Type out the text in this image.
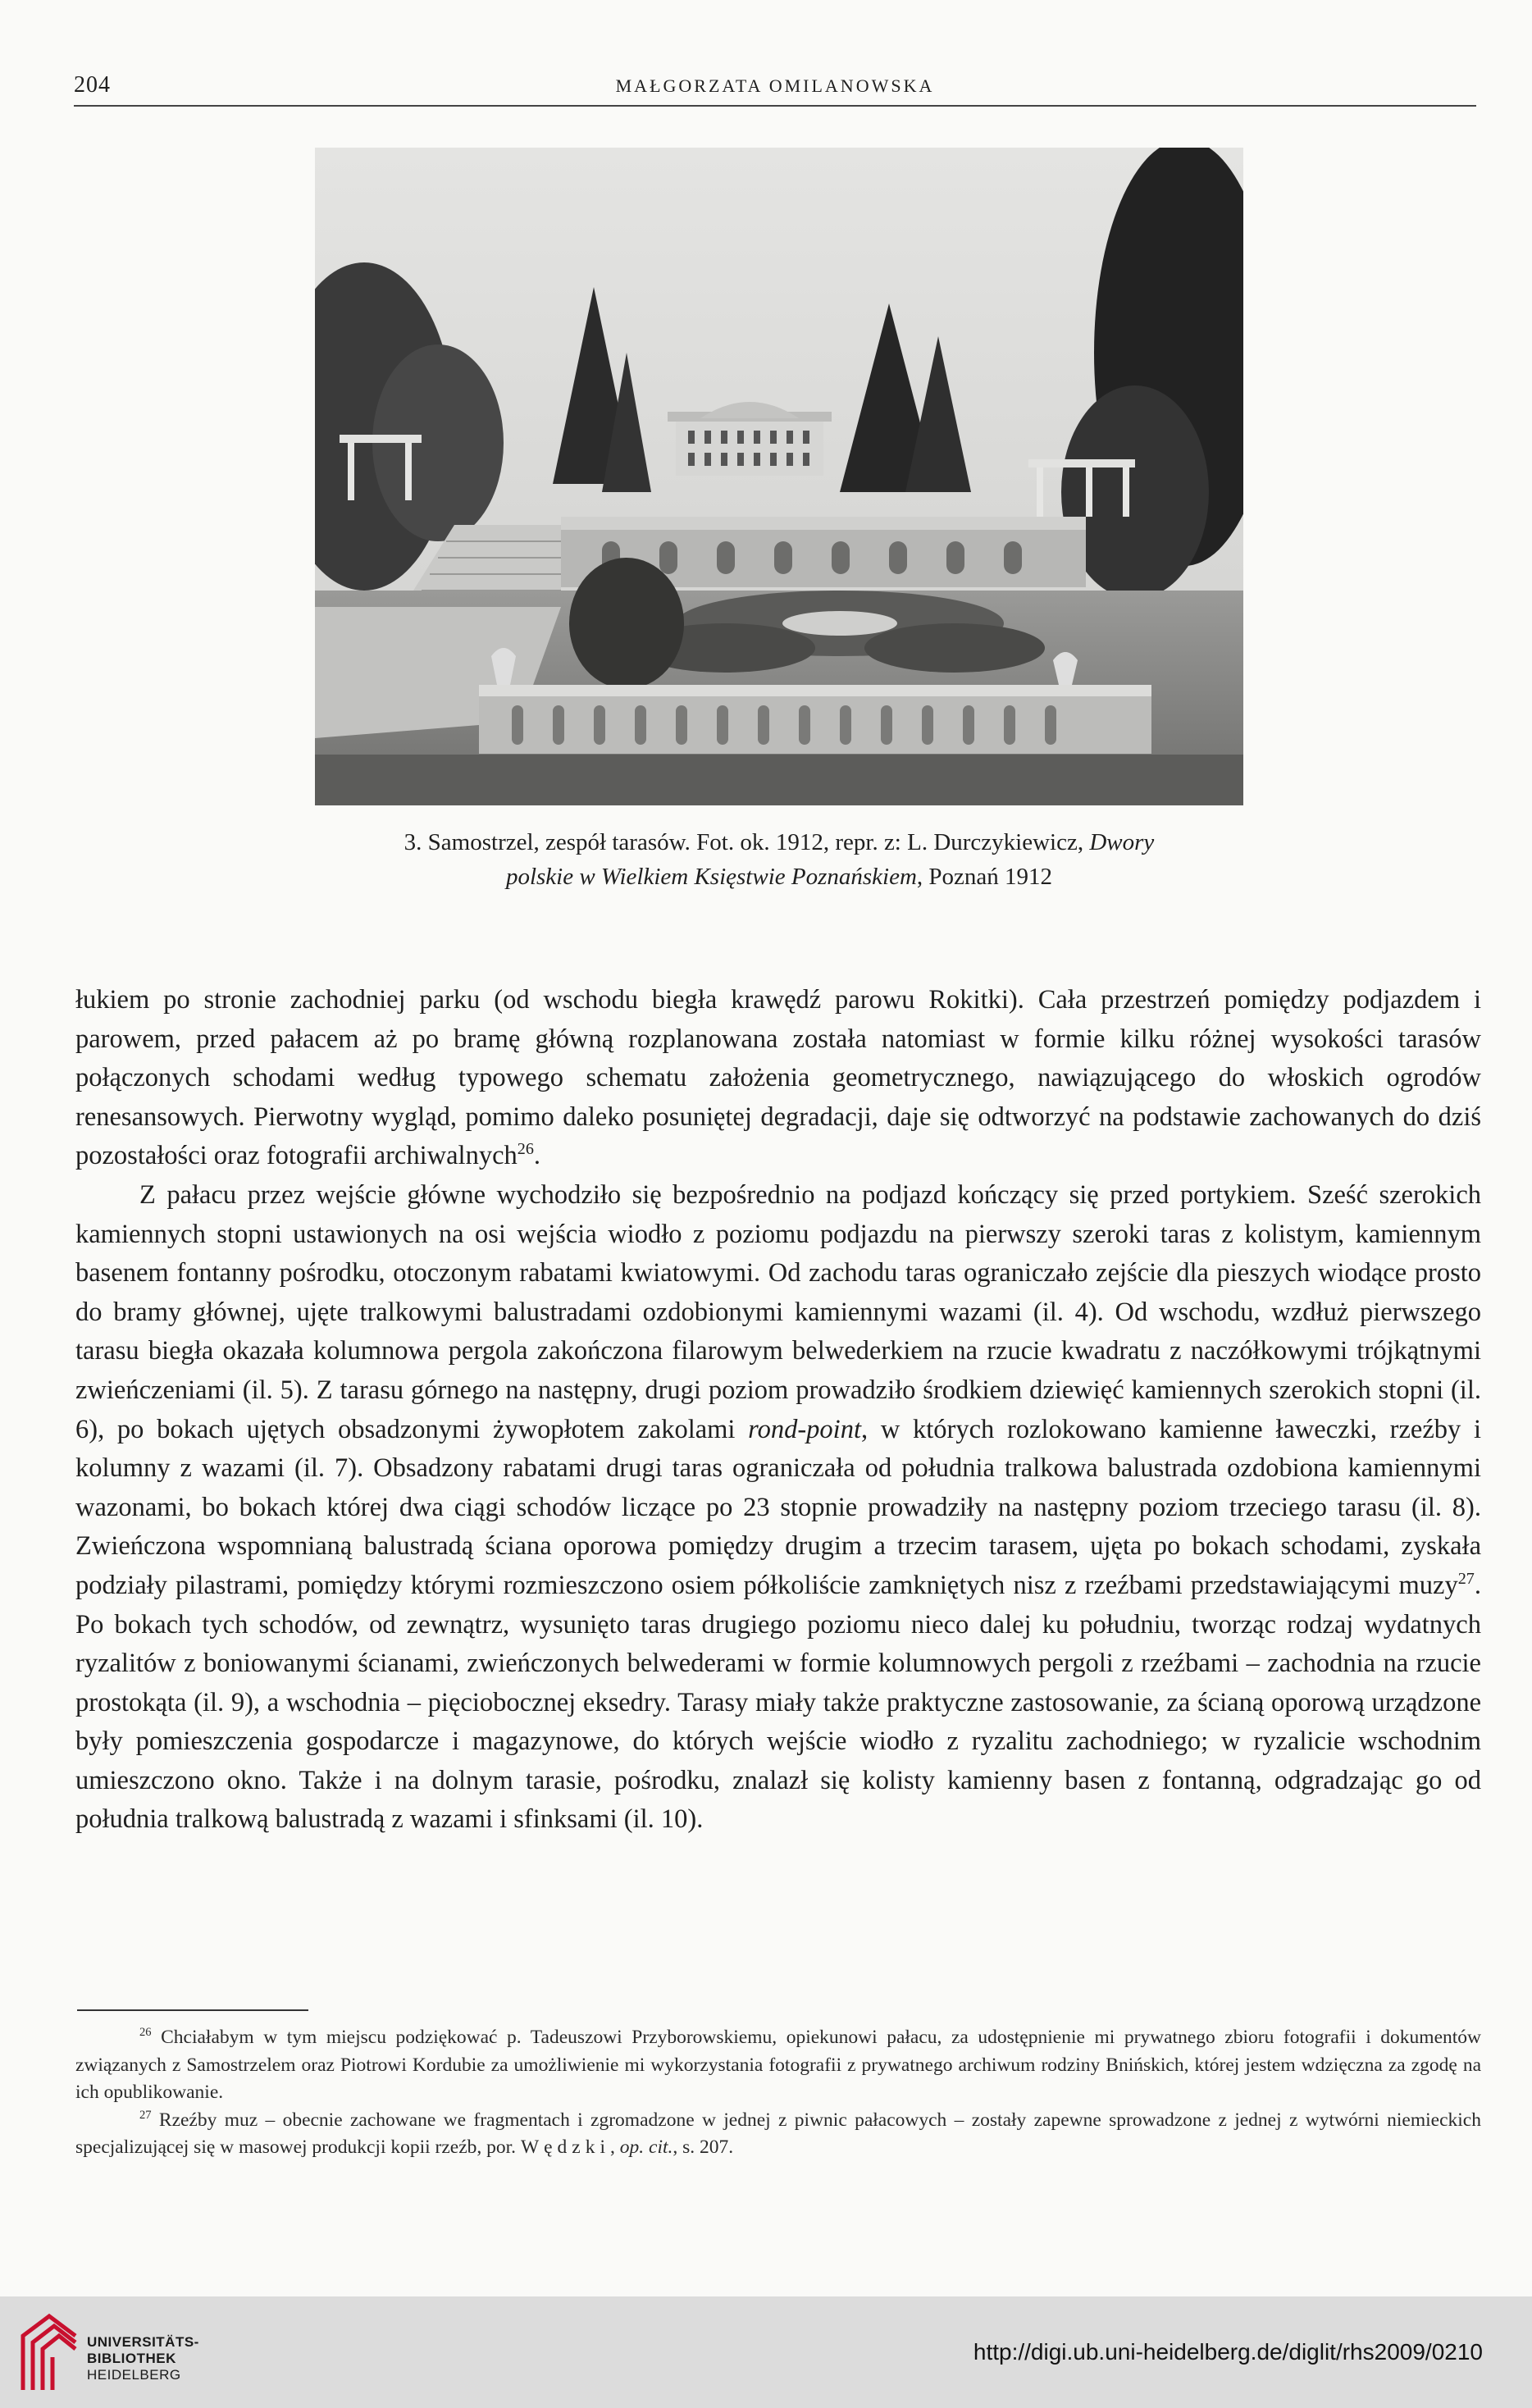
204	MAŁGORZATA OMILANOWSKA
3. Samostrzel, zespół tarasów. Fot. ok. 1912, repr. z: L. Durczykiewicz, Dwory
polskie w Wielkiem Księstwie Poznańskiem, Poznań 1912

łukiem po stronie zachodniej parku (od wschodu biegła krawędź parowu Rokitki). Cała przestrzeń pomiędzy podjazdem i parowem, przed pałacem aż po bramę główną rozplanowana została natomiast w formie kilku różnej wysokości tarasów połączonych schodami według typowego schematu założenia geometrycznego, nawiązującego do włoskich ogrodów renesansowych. Pierwotny wygląd, pomimo daleko posuniętej degradacji, daje się odtworzyć na podstawie zachowanych do dziś pozostałości oraz fotografii archiwalnych$^{26}$.

Z pałacu przez wejście główne wychodziło się bezpośrednio na podjazd kończący się przed portykiem. Sześć szerokich kamiennych stopni ustawionych na osi wejścia wiodło z poziomu podjazdu na pierwszy szeroki taras z kolistym, kamiennym basenem fontanny pośrodku, otoczonym rabatami kwiatowymi. Od zachodu taras ograniczało zejście dla pieszych wiodące prosto do bramy głównej, ujęte tralkowymi balustradami ozdobionymi kamiennymi wazami (il. 4). Od wschodu, wzdłuż pierwszego tarasu biegła okazała kolumnowa pergola zakończona filarowym belwederkiem na rzucie kwadratu z naczółkowymi trójkątnymi zwieńczeniami (il. 5). Z tarasu górnego na następny, drugi poziom prowadziło środkiem dziewięć kamiennych szerokich stopni (il. 6), po bokach ujętych obsadzonymi żywopłotem zakolami rond-point, w których rozlokowano kamienne ławeczki, rzeźby i kolumny z wazami (il. 7). Obsadzony rabatami drugi taras ograniczała od południa tralkowa balustrada ozdobiona kamiennymi wazonami, bo bokach której dwa ciągi schodów liczące po 23 stopnie prowadziły na następny poziom trzeciego tarasu (il. 8). Zwieńczona wspomnianą balustradą ściana oporowa pomiędzy drugim a trzecim tarasem, ujęta po bokach schodami, zyskała podziały pilastrami, pomiędzy którymi rozmieszczono osiem półkoliście zamkniętych nisz z rzeźbami przedstawiającymi muzy$^{27}$. Po bokach tych schodów, od zewnątrz, wysunięto taras drugiego poziomu nieco dalej ku południu, tworząc rodzaj wydatnych ryzalitów z boniowanymi ścianami, zwieńczonych belwederami w formie kolumnowych pergoli z rzeźbami – zachodnia na rzucie prostokąta (il. 9), a wschodnia – pięciobocznej eksedry. Tarasy miały także praktyczne zastosowanie, za ścianą oporową urządzone były pomieszczenia gospodarcze i magazynowe, do których wejście wiodło z ryzalitu zachodniego; w ryzalicie wschodnim umieszczono okno. Także i na dolnym tarasie, pośrodku, znalazł się kolisty kamienny basen z fontanną, odgradzając go od południa tralkową balustradą z wazami i sfinksami (il. 10).

$^{26}$ Chciałabym w tym miejscu podziękować p. Tadeuszowi Przyborowskiemu, opiekunowi pałacu, za udostępnienie mi prywatnego zbioru fotografii i dokumentów związanych z Samostrzelem oraz Piotrowi Kordubie za umożliwienie mi wykorzystania fotografii z prywatnego archiwum rodziny Bnińskich, której jestem wdzięczna za zgodę na ich opublikowanie.

$^{27}$ Rzeźby muz – obecnie zachowane we fragmentach i zgromadzone w jednej z piwnic pałacowych – zostały zapewne sprowadzone z jednej z wytwórni niemieckich specjalizującej się w masowej produkcji kopii rzeźb, por. Wędzki, op. cit., s. 207.

UNIVERSITÄTS-
BIBLIOTHEK
HEIDELBERG
http://digi.ub.uni-heidelberg.de/diglit/rhs2009/0210
